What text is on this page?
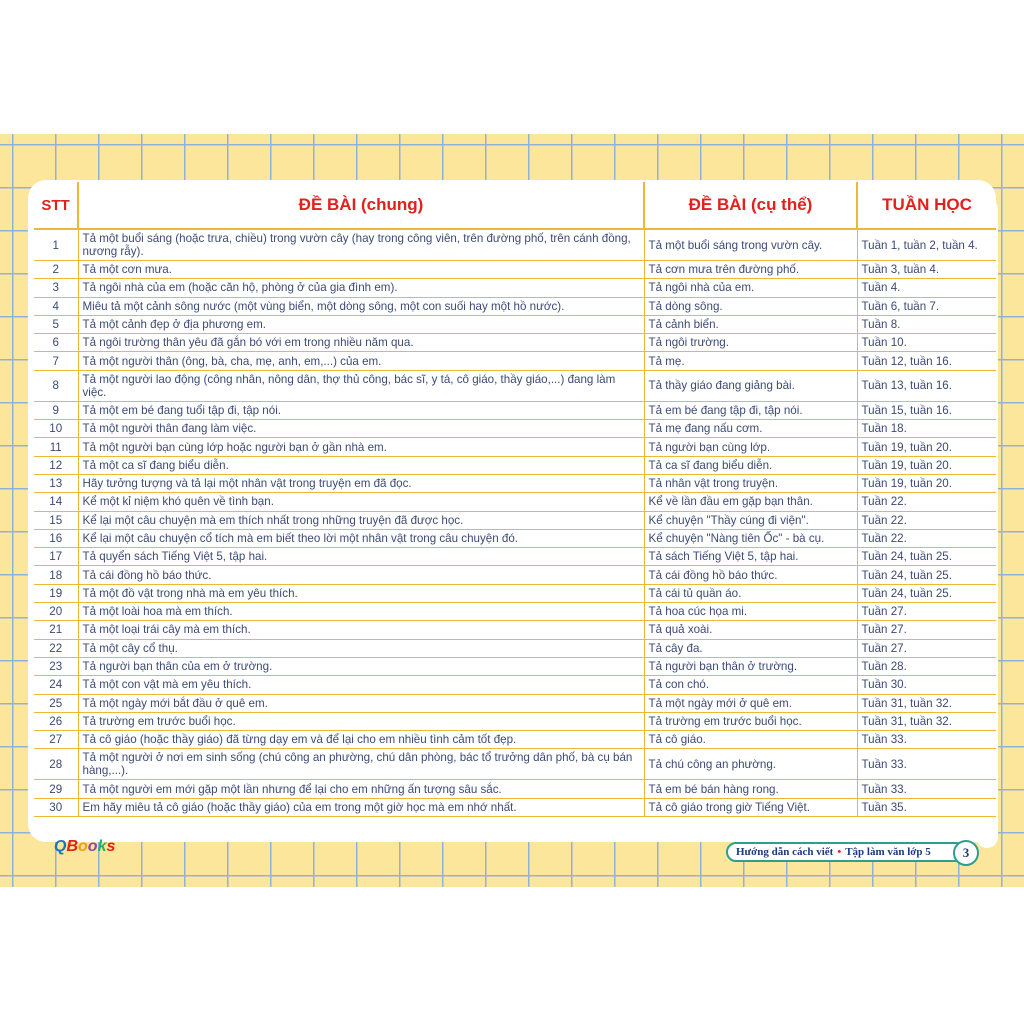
STT	ĐỀ BÀI (chung)	ĐỀ BÀI (cụ thể)	TUẦN HỌC
1	Tả một buổi sáng (hoặc trưa, chiều) trong vườn cây (hay trong công viên, trên đường phố, trên cánh đồng, nương rẫy).	Tả một buổi sáng trong vườn cây.	Tuần 1, tuần 2, tuần 4.
2	Tả một cơn mưa.	Tả cơn mưa trên đường phố.	Tuần 3, tuần 4.
3	Tả ngôi nhà của em (hoặc căn hộ, phòng ở của gia đình em).	Tả ngôi nhà của em.	Tuần 4.
4	Miêu tả một cảnh sông nước (một vùng biển, một dòng sông, một con suối hay một hồ nước).	Tả dòng sông.	Tuần 6, tuần 7.
5	Tả một cảnh đẹp ở địa phương em.	Tả cảnh biển.	Tuần 8.
6	Tả ngôi trường thân yêu đã gắn bó với em trong nhiều năm qua.	Tả ngôi trường.	Tuần 10.
7	Tả một người thân (ông, bà, cha, mẹ, anh, em,...) của em.	Tả mẹ.	Tuần 12, tuần 16.
8	Tả một người lao động (công nhân, nông dân, thợ thủ công, bác sĩ, y tá, cô giáo, thầy giáo,...) đang làm việc.	Tả thầy giáo đang giảng bài.	Tuần 13, tuần 16.
9	Tả một em bé đang tuổi tập đi, tập nói.	Tả em bé đang tập đi, tập nói.	Tuần 15, tuần 16.
10	Tả một người thân đang làm việc.	Tả mẹ đang nấu cơm.	Tuần 18.
11	Tả một người bạn cùng lớp hoặc người bạn ở gần nhà em.	Tả người bạn cùng lớp.	Tuần 19, tuần 20.
12	Tả một ca sĩ đang biểu diễn.	Tả ca sĩ đang biểu diễn.	Tuần 19, tuần 20.
13	Hãy tưởng tượng và tả lại một nhân vật trong truyện em đã đọc.	Tả nhân vật trong truyện.	Tuần 19, tuần 20.
14	Kể một kỉ niệm khó quên về tình bạn.	Kể về lần đầu em gặp bạn thân.	Tuần 22.
15	Kể lại một câu chuyện mà em thích nhất trong những truyện đã được học.	Kể chuyện "Thầy cúng đi viện".	Tuần 22.
16	Kể lại một câu chuyện cổ tích mà em biết theo lời một nhân vật trong câu chuyện đó.	Kể chuyện "Nàng tiên Ốc" - bà cụ.	Tuần 22.
17	Tả quyển sách Tiếng Việt 5, tập hai.	Tả sách Tiếng Việt 5, tập hai.	Tuần 24, tuần 25.
18	Tả cái đồng hồ báo thức.	Tả cái đồng hồ báo thức.	Tuần 24, tuần 25.
19	Tả một đồ vật trong nhà mà em yêu thích.	Tả cái tủ quần áo.	Tuần 24, tuần 25.
20	Tả một loài hoa mà em thích.	Tả hoa cúc họa mi.	Tuần 27.
21	Tả một loại trái cây mà em thích.	Tả quả xoài.	Tuần 27.
22	Tả một cây cổ thụ.	Tả cây đa.	Tuần 27.
23	Tả người bạn thân của em ở trường.	Tả người bạn thân ở trường.	Tuần 28.
24	Tả một con vật mà em yêu thích.	Tả con chó.	Tuần 30.
25	Tả một ngày mới bắt đầu ở quê em.	Tả một ngày mới ở quê em.	Tuần 31, tuần 32.
26	Tả trường em trước buổi học.	Tả trường em trước buổi học.	Tuần 31, tuần 32.
27	Tả cô giáo (hoặc thầy giáo) đã từng dạy em và để lại cho em nhiều tình cảm tốt đẹp.	Tả cô giáo.	Tuần 33.
28	Tả một người ở nơi em sinh sống (chú công an phường, chú dân phòng, bác tổ trưởng dân phố, bà cụ bán hàng,...).	Tả chú công an phường.	Tuần 33.
29	Tả một người em mới gặp một lần nhưng để lại cho em những ấn tượng sâu sắc.	Tả em bé bán hàng rong.	Tuần 33.
30	Em hãy miêu tả cô giáo (hoặc thầy giáo) của em trong một giờ học mà em nhớ nhất.	Tả cô giáo trong giờ Tiếng Việt.	Tuần 35.
QBooks	Hướng dẫn cách viết • Tập làm văn lớp 5	3
